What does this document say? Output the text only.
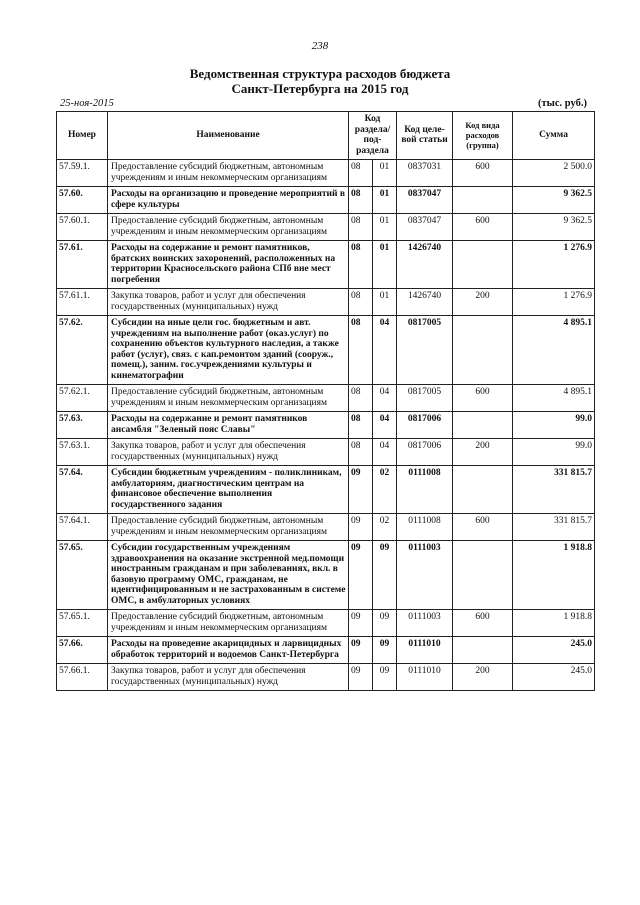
238
Ведомственная структура расходов бюджета
Санкт-Петербурга на 2015 год
25-ноя-2015	(тыс. руб.)
Номер	Наименование	Код раздела/ под- раздела		Код целе- вой статьи	Код вида расходов (группа)	Сумма
57.59.1.	Предоставление субсидий бюджетным, автономным учреждениям и иным некоммерческим организациям	08	01	0837031	600	2 500.0
57.60.	Расходы на организацию и проведение мероприятий в сфере культуры	08	01	0837047		9 362.5
57.60.1.	Предоставление субсидий бюджетным, автономным учреждениям и иным некоммерческим организациям	08	01	0837047	600	9 362.5
57.61.	Расходы на содержание и ремонт памятников, братских воинских захоронений, расположенных на территории Красносельского района СПб вне мест погребения	08	01	1426740		1 276.9
57.61.1.	Закупка товаров, работ и услуг для обеспечения государственных (муниципальных) нужд	08	01	1426740	200	1 276.9
57.62.	Субсидии на иные цели гос. бюджетным и авт. учреждениям на выполнение работ (оказ.услуг) по сохранению объектов культурного наследия, а также работ (услуг), связ. с кап.ремонтом зданий (сооруж., помещ.), заним. гос.учреждениями культуры и кинематографии	08	04	0817005		4 895.1
57.62.1.	Предоставление субсидий бюджетным, автономным учреждениям и иным некоммерческим организациям	08	04	0817005	600	4 895.1
57.63.	Расходы на содержание и ремонт памятников ансамбля "Зеленый пояс Славы"	08	04	0817006		99.0
57.63.1.	Закупка товаров, работ и услуг для обеспечения государственных (муниципальных) нужд	08	04	0817006	200	99.0
57.64.	Субсидии бюджетным учреждениям - поликлиникам, амбулаториям, диагностическим центрам на финансовое обеспечение выполнения государственного задания	09	02	0111008		331 815.7
57.64.1.	Предоставление субсидий бюджетным, автономным учреждениям и иным некоммерческим организациям	09	02	0111008	600	331 815.7
57.65.	Субсидии государственным учреждениям здравоохранения на оказание экстренной мед.помощи иностранным гражданам и при заболеваниях, вкл. в базовую программу ОМС, гражданам, не идентифицированным и не застрахованным в системе ОМС, в амбулаторных условиях	09	09	0111003		1 918.8
57.65.1.	Предоставление субсидий бюджетным, автономным учреждениям и иным некоммерческим организациям	09	09	0111003	600	1 918.8
57.66.	Расходы на проведение акарицидных и ларвицидных обработок территорий и водоемов Санкт-Петербурга	09	09	0111010		245.0
57.66.1.	Закупка товаров, работ и услуг для обеспечения государственных (муниципальных) нужд	09	09	0111010	200	245.0
